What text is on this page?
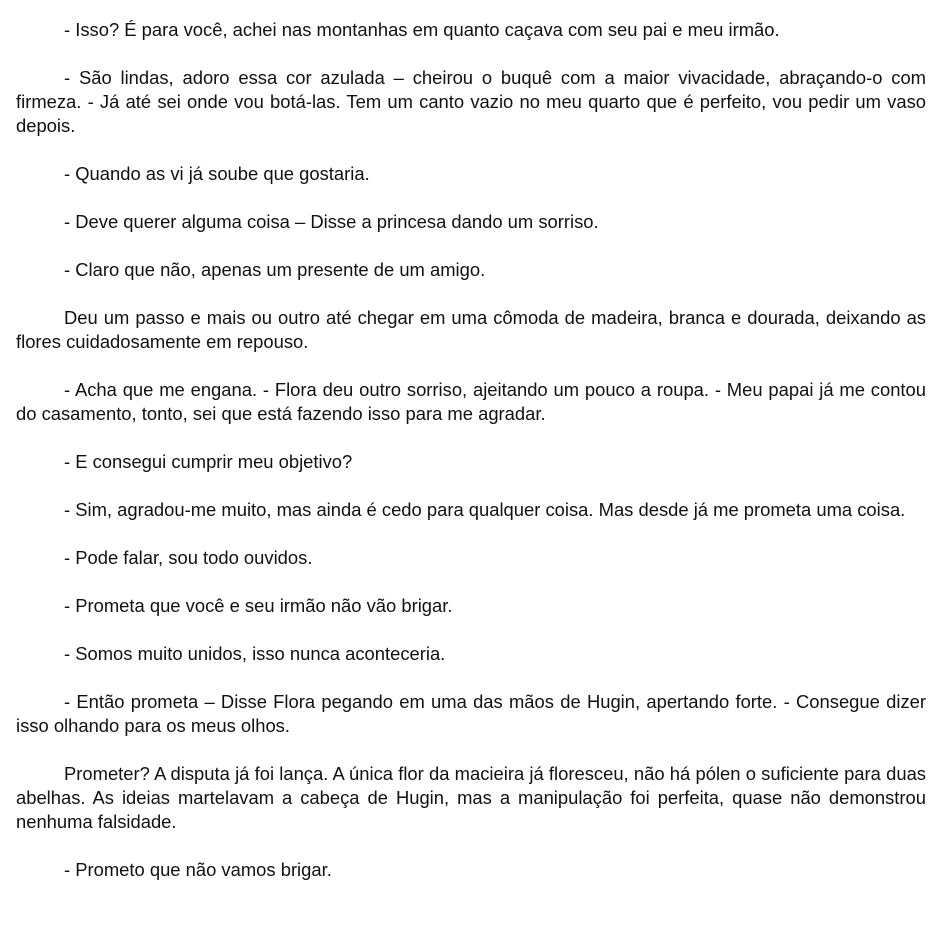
- Isso? É para você, achei nas montanhas em quanto caçava com seu pai e meu irmão.

- São lindas, adoro essa cor azulada – cheirou o buquê com a maior vivacidade, abraçando-o com firmeza. - Já até sei onde vou botá-las. Tem um canto vazio no meu quarto que é perfeito, vou pedir um vaso depois.

- Quando as vi já soube que gostaria.

- Deve querer alguma coisa – Disse a princesa dando um sorriso.

- Claro que não, apenas um presente de um amigo.

Deu um passo e mais ou outro até chegar em uma cômoda de madeira, branca e dourada, deixando as flores cuidadosamente em repouso.

- Acha que me engana. - Flora deu outro sorriso, ajeitando um pouco a roupa. - Meu papai já me contou do casamento, tonto, sei que está fazendo isso para me agradar.

- E consegui cumprir meu objetivo?

- Sim, agradou-me muito, mas ainda é cedo para qualquer coisa. Mas desde já me prometa uma coisa.

- Pode falar, sou todo ouvidos.

- Prometa que você e seu irmão não vão brigar.

- Somos muito unidos, isso nunca aconteceria.

- Então prometa – Disse Flora pegando em uma das mãos de Hugin, apertando forte. - Consegue dizer isso olhando para os meus olhos.

Prometer? A disputa já foi lança. A única flor da macieira já floresceu, não há pólen o suficiente para duas abelhas. As ideias martelavam a cabeça de Hugin, mas a manipulação foi perfeita, quase não demonstrou nenhuma falsidade.

- Prometo que não vamos brigar.
